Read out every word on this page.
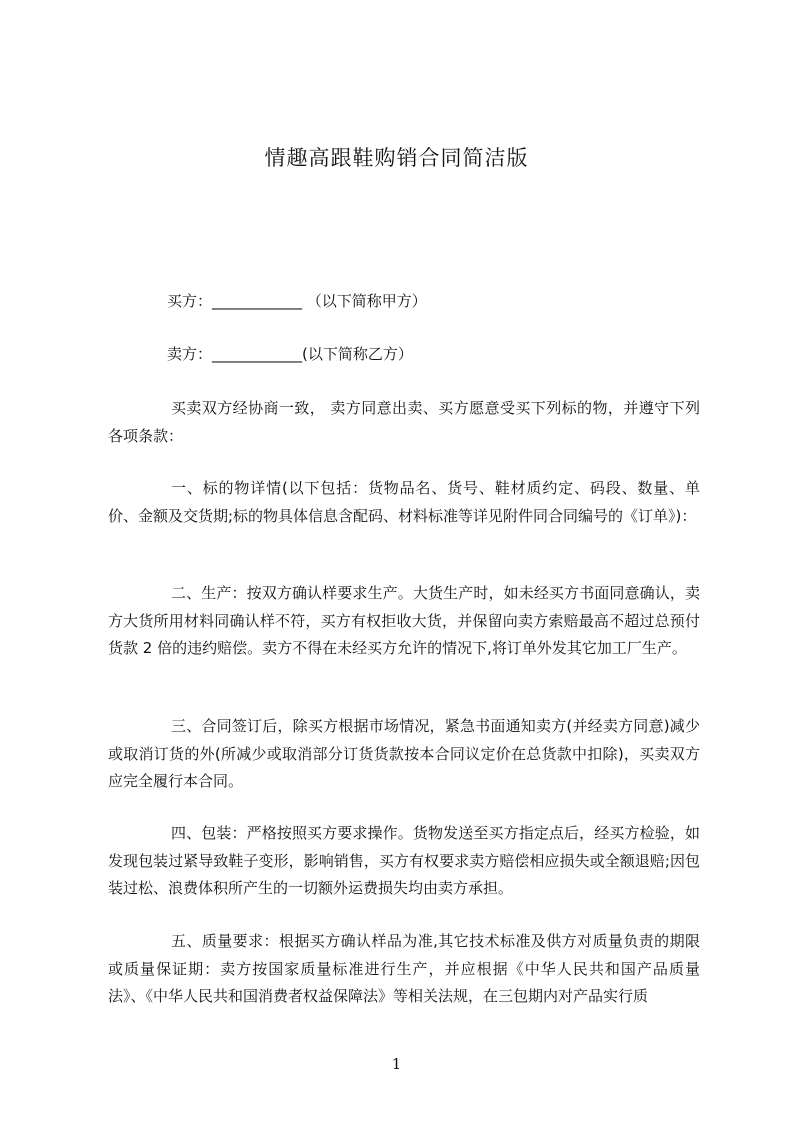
情趣高跟鞋购销合同简洁版
买方：____________ （以下简称甲方）
卖方：____________(以下简称乙方）

买卖双方经协商一致， 卖方同意出卖、买方愿意受买下列标的物，并遵守下列各项条款：

一、标的物详情(以下包括：货物品名、货号、鞋材质约定、码段、数量、单价、金额及交货期;标的物具体信息含配码、材料标准等详见附件同合同编号的《订单》)：

二、生产：按双方确认样要求生产。大货生产时，如未经买方书面同意确认，卖方大货所用材料同确认样不符，买方有权拒收大货，并保留向卖方索赔最高不超过总预付货款 2 倍的违约赔偿。卖方不得在未经买方允许的情况下,将订单外发其它加工厂生产。

三、合同签订后，除买方根据市场情况，紧急书面通知卖方(并经卖方同意)减少或取消订货的外(所减少或取消部分订货货款按本合同议定价在总货款中扣除)，买卖双方应完全履行本合同。

四、包装：严格按照买方要求操作。货物发送至买方指定点后，经买方检验，如发现包装过紧导致鞋子变形，影响销售，买方有权要求卖方赔偿相应损失或全额退赔;因包装过松、浪费体积所产生的一切额外运费损失均由卖方承担。

五、质量要求：根据买方确认样品为准,其它技术标准及供方对质量负责的期限或质量保证期：卖方按国家质量标准进行生产，并应根据《中华人民共和国产品质量法》、《中华人民共和国消费者权益保障法》等相关法规，在三包期内对产品实行质

1
